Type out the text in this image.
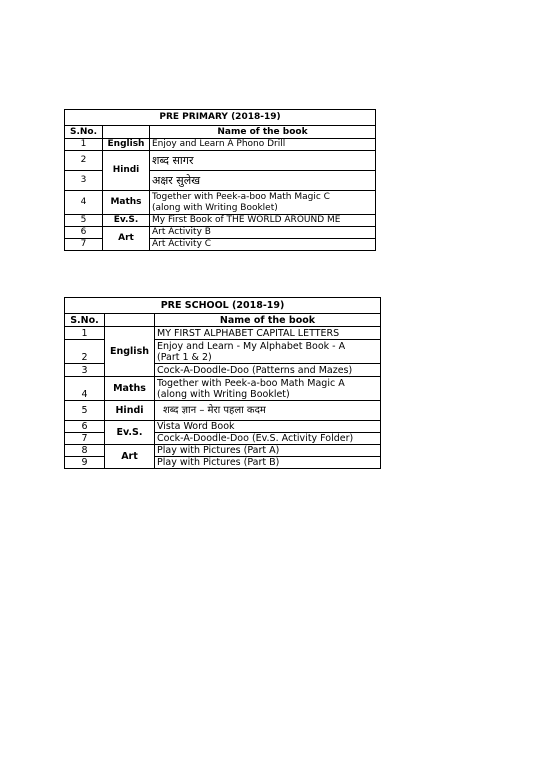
PRE PRIMARY (2018-19)		
S.No.		Name of the book
1	English	Enjoy and Learn A Phono Drill
2	Hindi	शब्द सागर
3		अक्षर सुलेख
4	Maths	Together with Peek-a-boo Math Magic C
(along with Writing Booklet)

5	Ev.S.	My First Book of THE WORLD AROUND ME
6	Art	Art Activity B
7		Art Activity C
PRE SCHOOL (2018-19)		
S.No.		Name of the book
1	English	MY FIRST ALPHABET CAPITAL LETTERS
2		Enjoy and Learn - My Alphabet Book - A
(Part 1 & 2)

3		Cock-A-Doodle-Doo (Patterns and Mazes)
4	Maths	Together with Peek-a-boo Math Magic A
(along with Writing Booklet)

5	Hindi	शब्द ज्ञान – मेरा पहला कदम
6	Ev.S.	Vista Word Book
7		Cock-A-Doodle-Doo (Ev.S. Activity Folder)
8	Art	Play with Pictures (Part A)
9		Play with Pictures (Part B)
